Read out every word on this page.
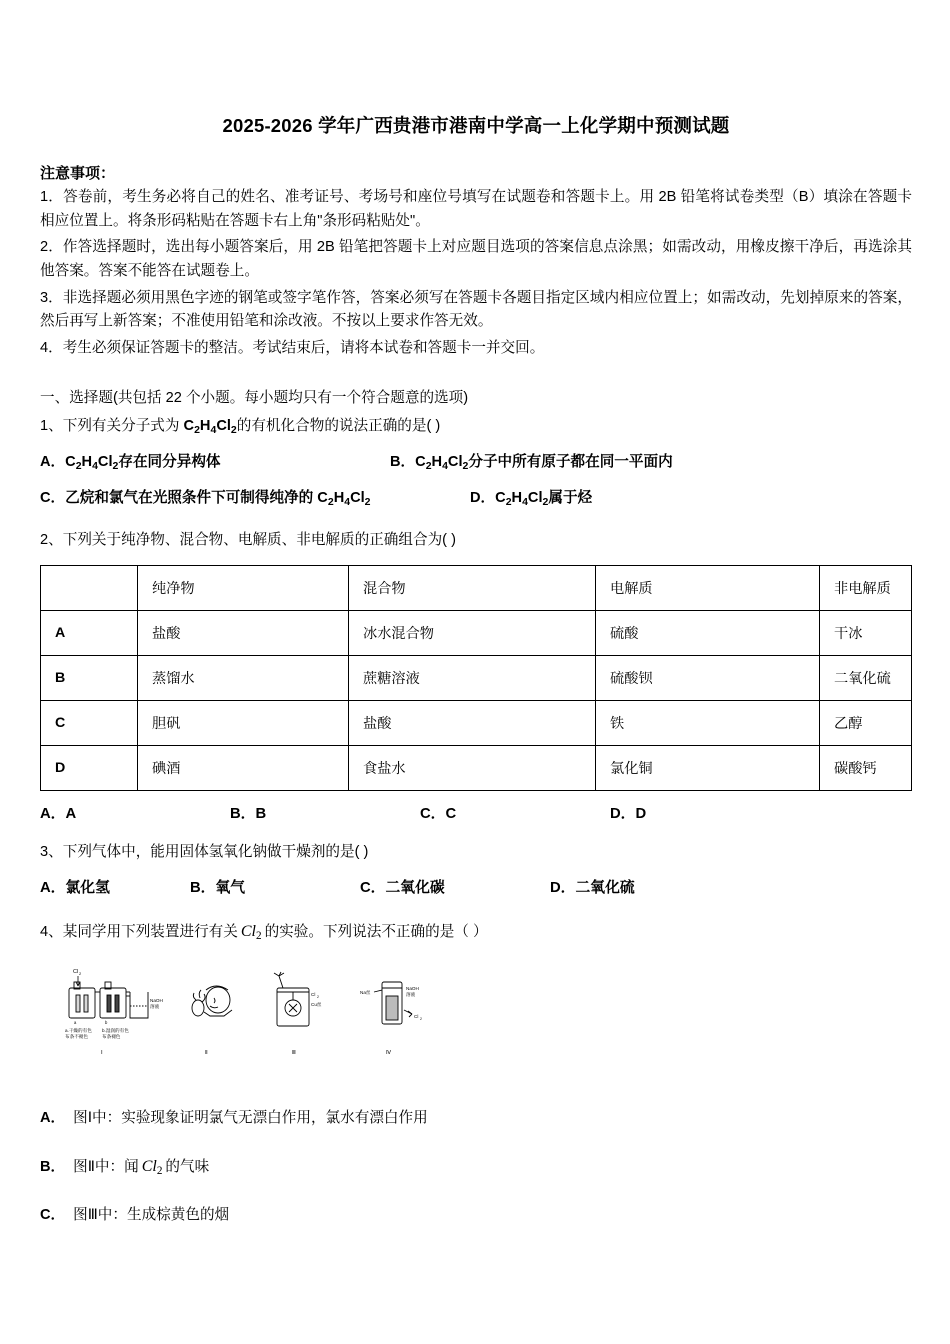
2025-2026 学年广西贵港市港南中学高一上化学期中预测试题
注意事项：
1．答卷前，考生务必将自己的姓名、准考证号、考场号和座位号填写在试题卷和答题卡上。用 2B 铅笔将试卷类型（B）填涂在答题卡相应位置上。将条形码粘贴在答题卡右上角"条形码粘贴处"。
2．作答选择题时，选出每小题答案后，用 2B 铅笔把答题卡上对应题目选项的答案信息点涂黑；如需改动，用橡皮擦干净后，再选涂其他答案。答案不能答在试题卷上。
3．非选择题必须用黑色字迹的钢笔或签字笔作答，答案必须写在答题卡各题目指定区域内相应位置上；如需改动，先划掉原来的答案，然后再写上新答案；不准使用铅笔和涂改液。不按以上要求作答无效。
4．考生必须保证答题卡的整洁。考试结束后，请将本试卷和答题卡一并交回。
一、选择题(共包括 22 个小题。每小题均只有一个符合题意的选项)
1、下列有关分子式为 $C_2H_4Cl_2$的有机化合物的说法正确的是( )
A．$C_2H_4Cl_2$存在同分异构体	B．$C_2H_4Cl_2$分子中所有原子都在同一平面内
C．乙烷和氯气在光照条件下可制得纯净的 $C_2H_4Cl_2$	D．$C_2H_4Cl_2$属于烃
2、下列关于纯净物、混合物、电解质、非电解质的正确组合为( )
	纯净物	混合物	电解质	非电解质
A	盐酸	冰水混合物	硫酸	干冰
B	蒸馏水	蔗糖溶液	硫酸钡	二氧化硫
C	胆矾	盐酸	铁	乙醇
D	碘酒	食盐水	氯化铜	碳酸钙
A．A	B．B	C．C	D．D
3、下列气体中，能用固体氢氧化钠做干燥剂的是( )
A．氯化氢	B．氧气	C．二氧化碳	D．二氧化硫
4、 某同学用下列装置进行有关 $Cl_2$ 的实验。下列说法不正确的是（ ）
Cl 2
a	b
NaOH
溶液
a.干燥的有色
布条不褪色
b.湿润的有色
布条褪色
Ⅰ	Ⅱ
Cl 2
Cu丝
Ⅲ
Na丝
NaOH
溶液
Cl 2
Ⅳ
A． 图Ⅰ中：实验现象证明氯气无漂白作用，氯水有漂白作用
B． 图Ⅱ中：闻 $Cl_2$ 的气味
C． 图Ⅲ中：生成棕黄色的烟
